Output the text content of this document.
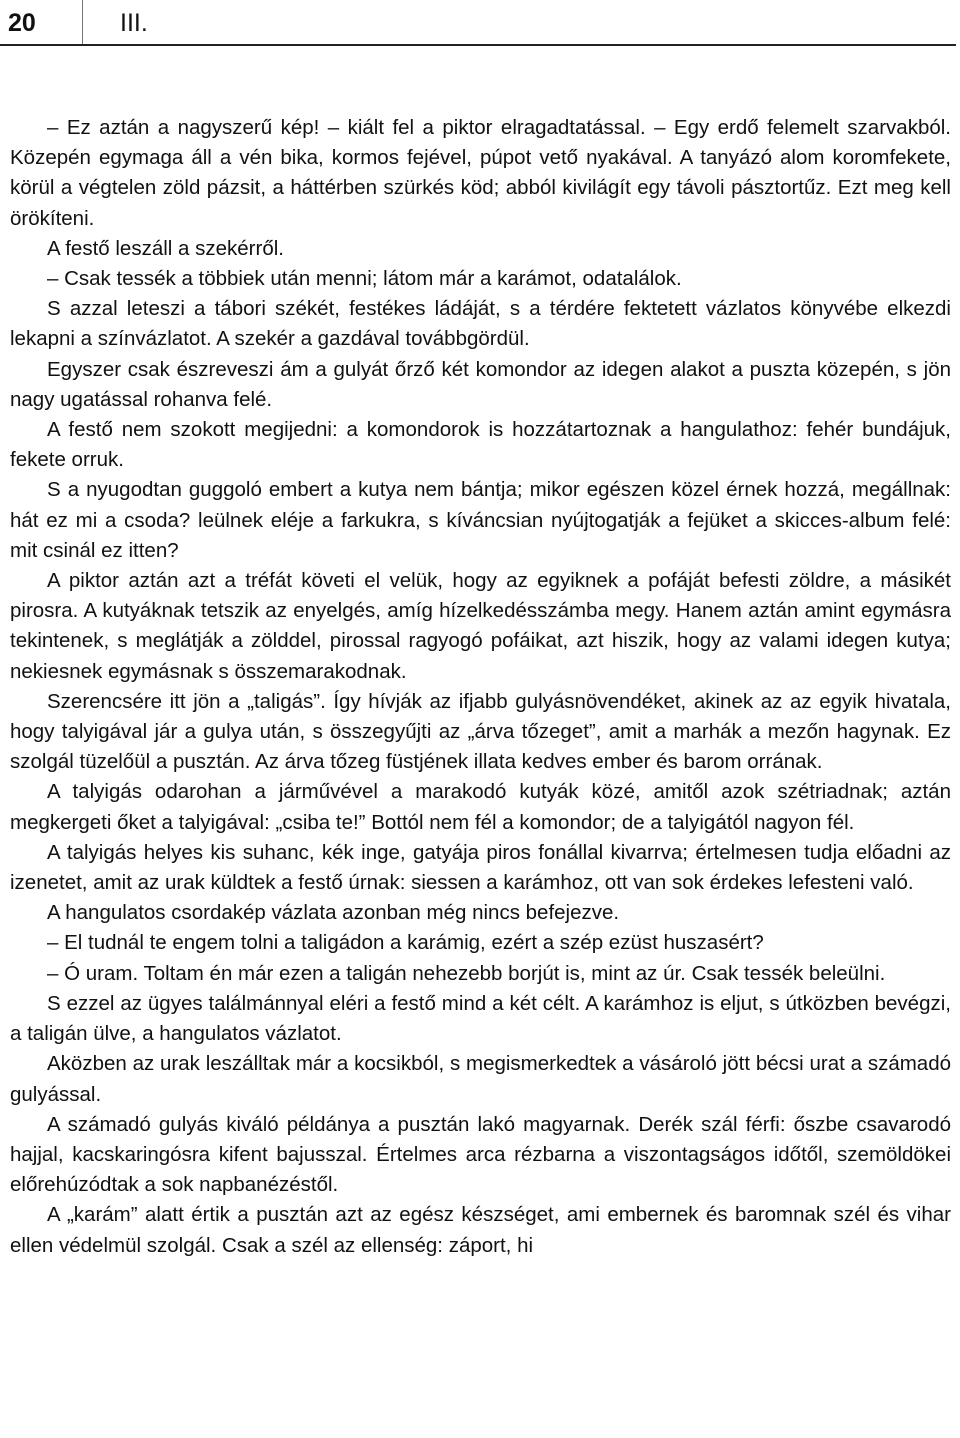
20	III.

– Ez aztán a nagyszerű kép! – kiált fel a piktor elragadtatással. – Egy erdő felemelt szarvakból. Közepén egymaga áll a vén bika, kormos fejével, púpot vető nyakával. A tanyázó alom koromfekete, körül a végtelen zöld pázsit, a háttérben szürkés köd; abból kivilágít egy távoli pásztortűz. Ezt meg kell örökíteni.

A festő leszáll a szekérről.

– Csak tessék a többiek után menni; látom már a karámot, odatalálok.

S azzal leteszi a tábori székét, festékes ládáját, s a térdére fektetett vázlatos könyvébe elkezdi lekapni a színvázlatot. A szekér a gazdával továbbgördül.

Egyszer csak észreveszi ám a gulyát őrző két komondor az idegen alakot a puszta közepén, s jön nagy ugatással rohanva felé.

A festő nem szokott megijedni: a komondorok is hozzátartoznak a hangulathoz: fehér bundájuk, fekete orruk.

S a nyugodtan guggoló embert a kutya nem bántja; mikor egészen közel érnek hozzá, megállnak: hát ez mi a csoda? leülnek eléje a farkukra, s kíváncsian nyújtogatják a fejüket a skicces-album felé: mit csinál ez itten?

A piktor aztán azt a tréfát követi el velük, hogy az egyiknek a pofáját befesti zöldre, a másikét pirosra. A kutyáknak tetszik az enyelgés, amíg hízelkedésszámba megy. Hanem aztán amint egymásra tekintenek, s meglátják a zölddel, pirossal ragyogó pofáikat, azt hiszik, hogy az valami idegen kutya; nekiesnek egymásnak s összemarakodnak.

Szerencsére itt jön a „taligás”. Így hívják az ifjabb gulyásnövendéket, akinek az az egyik hivatala, hogy talyigával jár a gulya után, s összegyűjti az „árva tőzeget”, amit a marhák a mezőn hagynak. Ez szolgál tüzelőül a pusztán. Az árva tőzeg füstjének illata kedves ember és barom orrának.

A talyigás odarohan a járművével a marakodó kutyák közé, amitől azok szétriadnak; aztán megkergeti őket a talyigával: „csiba te!” Bottól nem fél a komondor; de a talyigától nagyon fél.

A talyigás helyes kis suhanc, kék inge, gatyája piros fonállal kivarrva; értelmesen tudja előadni az izenetet, amit az urak küldtek a festő úrnak: siessen a karámhoz, ott van sok érdekes lefesteni való.

A hangulatos csordakép vázlata azonban még nincs befejezve.

– El tudnál te engem tolni a taligádon a karámig, ezért a szép ezüst huszasért?

– Ó uram. Toltam én már ezen a taligán nehezebb borjút is, mint az úr. Csak tessék beleülni.

S ezzel az ügyes találmánnyal eléri a festő mind a két célt. A karámhoz is eljut, s útközben bevégzi, a taligán ülve, a hangulatos vázlatot.

Aközben az urak leszálltak már a kocsikból, s megismerkedtek a vásároló jött bécsi urat a számadó gulyással.

A számadó gulyás kiváló példánya a pusztán lakó magyarnak. Derék szál férfi: őszbe csavarodó hajjal, kacskaringósra kifent bajusszal. Értelmes arca rézbarna a viszontagságos időtől, szemöldökei előrehúzódtak a sok napbanézéstől.

A „karám” alatt értik a pusztán azt az egész készséget, ami embernek és baromnak szél és vihar ellen védelmül szolgál. Csak a szél az ellenség: záport, hi
